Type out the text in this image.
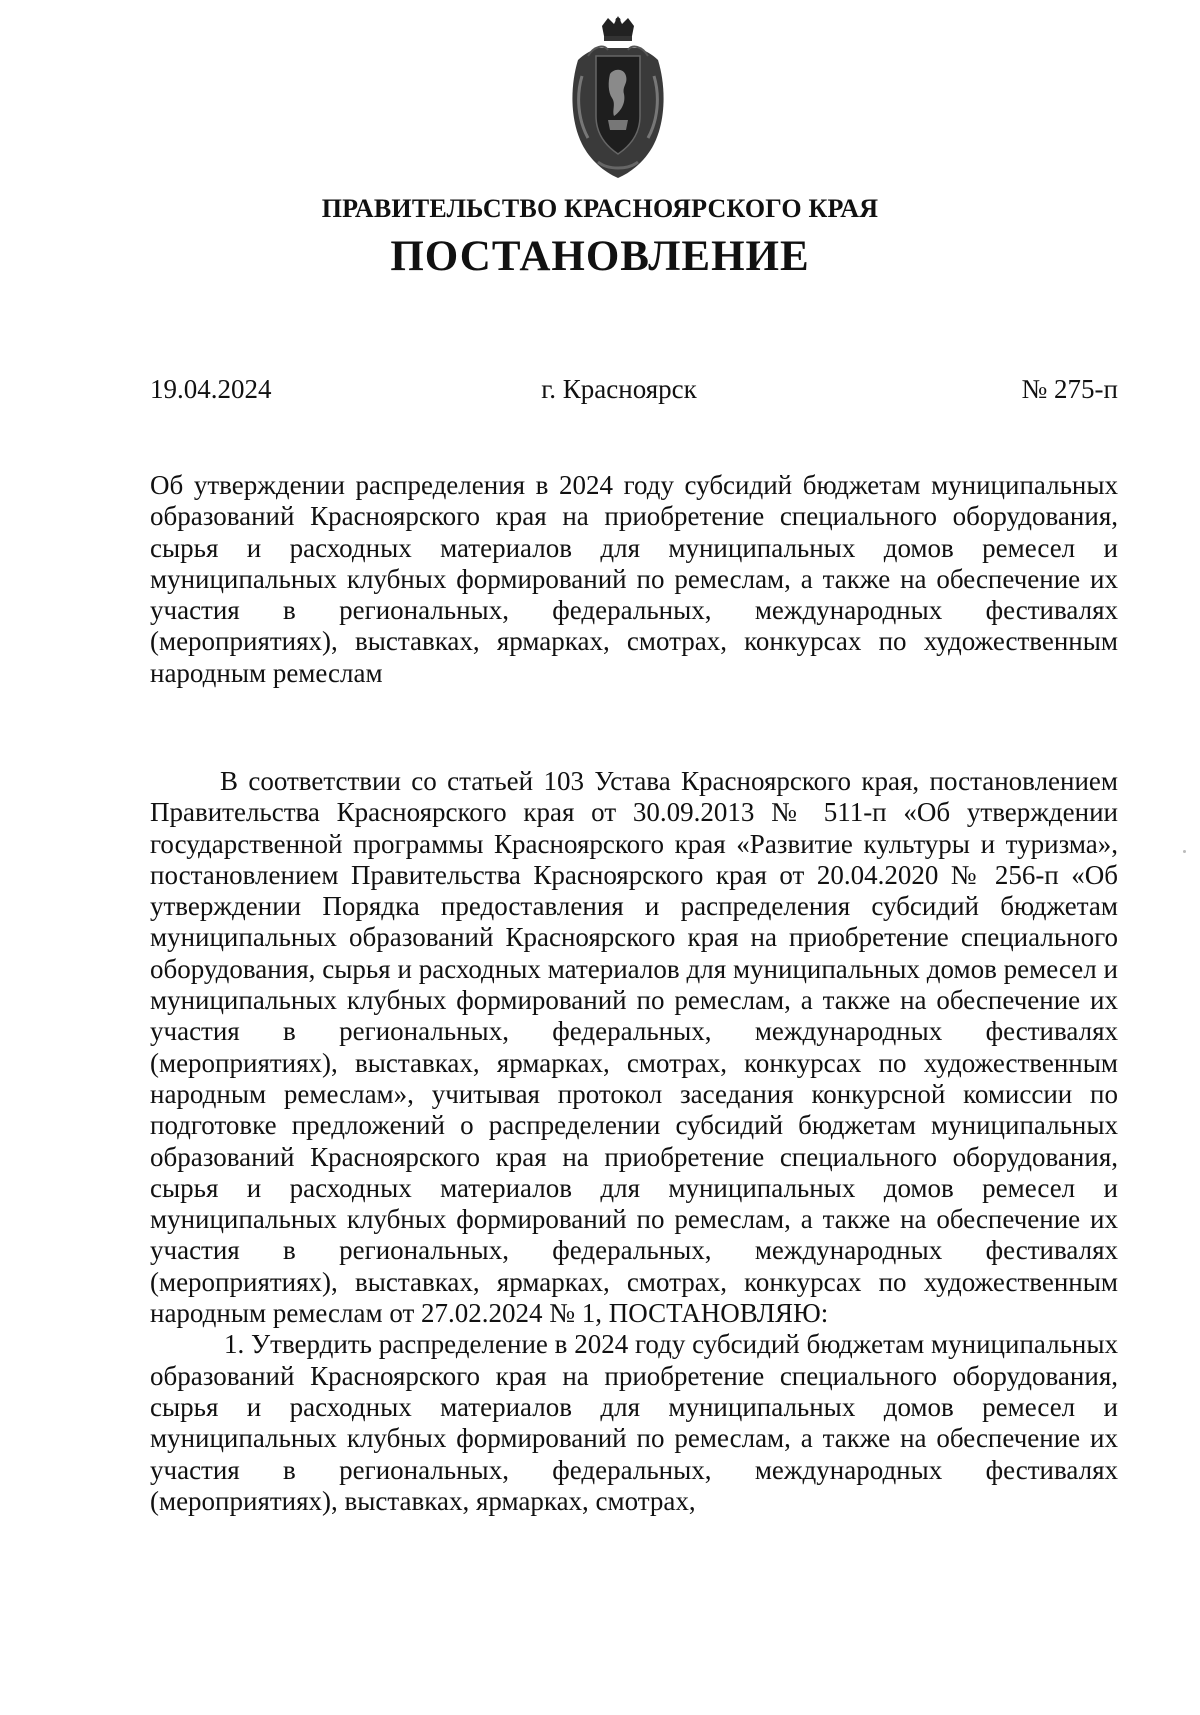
ПРАВИТЕЛЬСТВО КРАСНОЯРСКОГО КРАЯ
ПОСТАНОВЛЕНИЕ
19.04.2024	г. Красноярск	№ 275-п
Об утверждении распределения в 2024 году субсидий бюджетам муниципальных образований Красноярского края на приобретение специального оборудования, сырья и расходных материалов для муниципальных домов ремесел и муниципальных клубных формирований по ремеслам, а также на обеспечение их участия в региональных, федеральных, международных фестивалях (мероприятиях), выставках, ярмарках, смотрах, конкурсах по художественным народным ремеслам

В соответствии со статьей 103 Устава Красноярского края, постановлением Правительства Красноярского края от 30.09.2013 № 511-п «Об утверждении государственной программы Красноярского края «Развитие культуры и туризма», постановлением Правительства Красноярского края от 20.04.2020 № 256-п «Об утверждении Порядка предоставления и распределения субсидий бюджетам муниципальных образований Красноярского края на приобретение специального оборудования, сырья и расходных материалов для муниципальных домов ремесел и муниципальных клубных формирований по ремеслам, а также на обеспечение их участия в региональных, федеральных, международных фестивалях (мероприятиях), выставках, ярмарках, смотрах, конкурсах по художественным народным ремеслам», учитывая протокол заседания конкурсной комиссии по подготовке предложений о распределении субсидий бюджетам муниципальных образований Красноярского края на приобретение специального оборудования, сырья и расходных материалов для муниципальных домов ремесел и муниципальных клубных формирований по ремеслам, а также на обеспечение их участия в региональных, федеральных, международных фестивалях (мероприятиях), выставках, ярмарках, смотрах, конкурсах по художественным народным ремеслам от 27.02.2024 № 1, ПОСТАНОВЛЯЮ:

1. Утвердить распределение в 2024 году субсидий бюджетам муниципальных образований Красноярского края на приобретение специального оборудования, сырья и расходных материалов для муниципальных домов ремесел и муниципальных клубных формирований по ремеслам, а также на обеспечение их участия в региональных, федеральных, международных фестивалях (мероприятиях), выставках, ярмарках, смотрах,
